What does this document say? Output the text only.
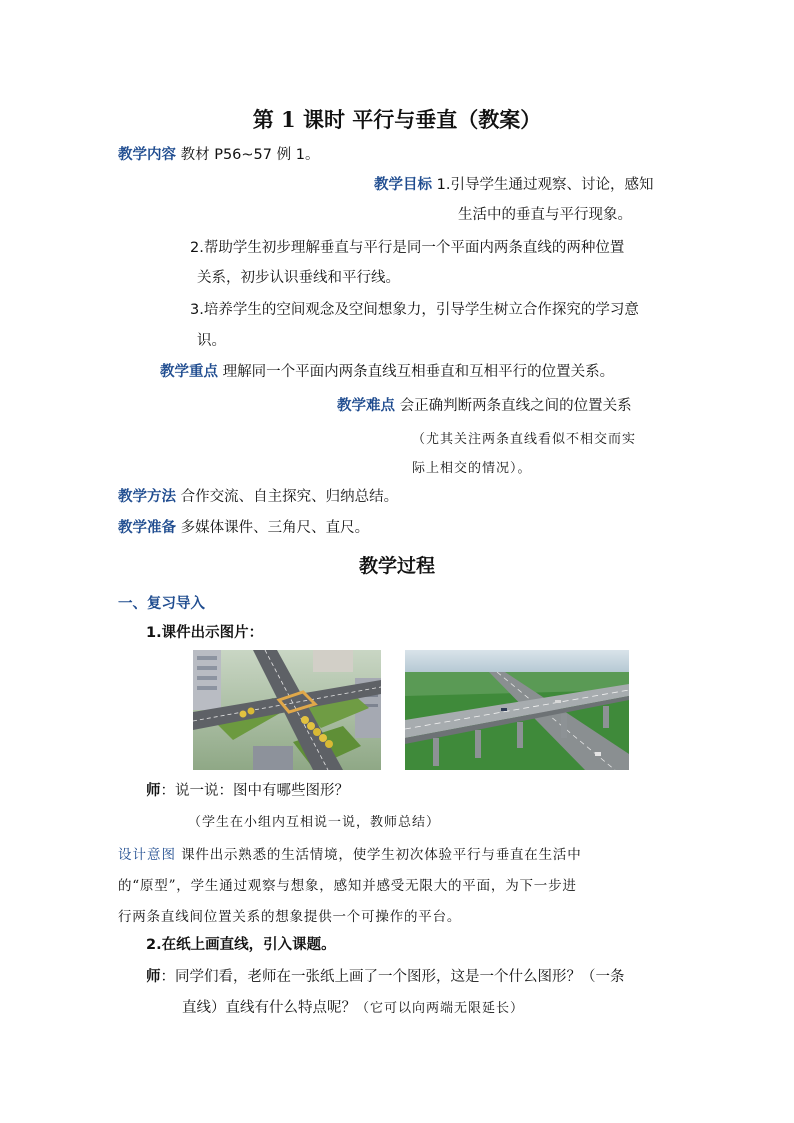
第 1 课时 平行与垂直（教案）
教学内容 教材 P56~57 例 1。
教学目标 1.引导学生通过观察、讨论，感知
生活中的垂直与平行现象。
2.帮助学生初步理解垂直与平行是同一个平面内两条直线的两种位置
关系，初步认识垂线和平行线。
3.培养学生的空间观念及空间想象力，引导学生树立合作探究的学习意
识。
教学重点 理解同一个平面内两条直线互相垂直和互相平行的位置关系。
教学难点 会正确判断两条直线之间的位置关系
（尤其关注两条直线看似不相交而实
际上相交的情况）。
教学方法 合作交流、自主探究、归纳总结。
教学准备 多媒体课件、三角尺、直尺。
教学过程
一、复习导入
1.课件出示图片：
师：说一说：图中有哪些图形？
（学生在小组内互相说一说，教师总结）
设计意图 课件出示熟悉的生活情境，使学生初次体验平行与垂直在生活中
的“原型”，学生通过观察与想象，感知并感受无限大的平面，为下一步进
行两条直线间位置关系的想象提供一个可操作的平台。
2.在纸上画直线，引入课题。
师：同学们看，老师在一张纸上画了一个图形，这是一个什么图形？（一条
直线）直线有什么特点呢？（它可以向两端无限延长）
